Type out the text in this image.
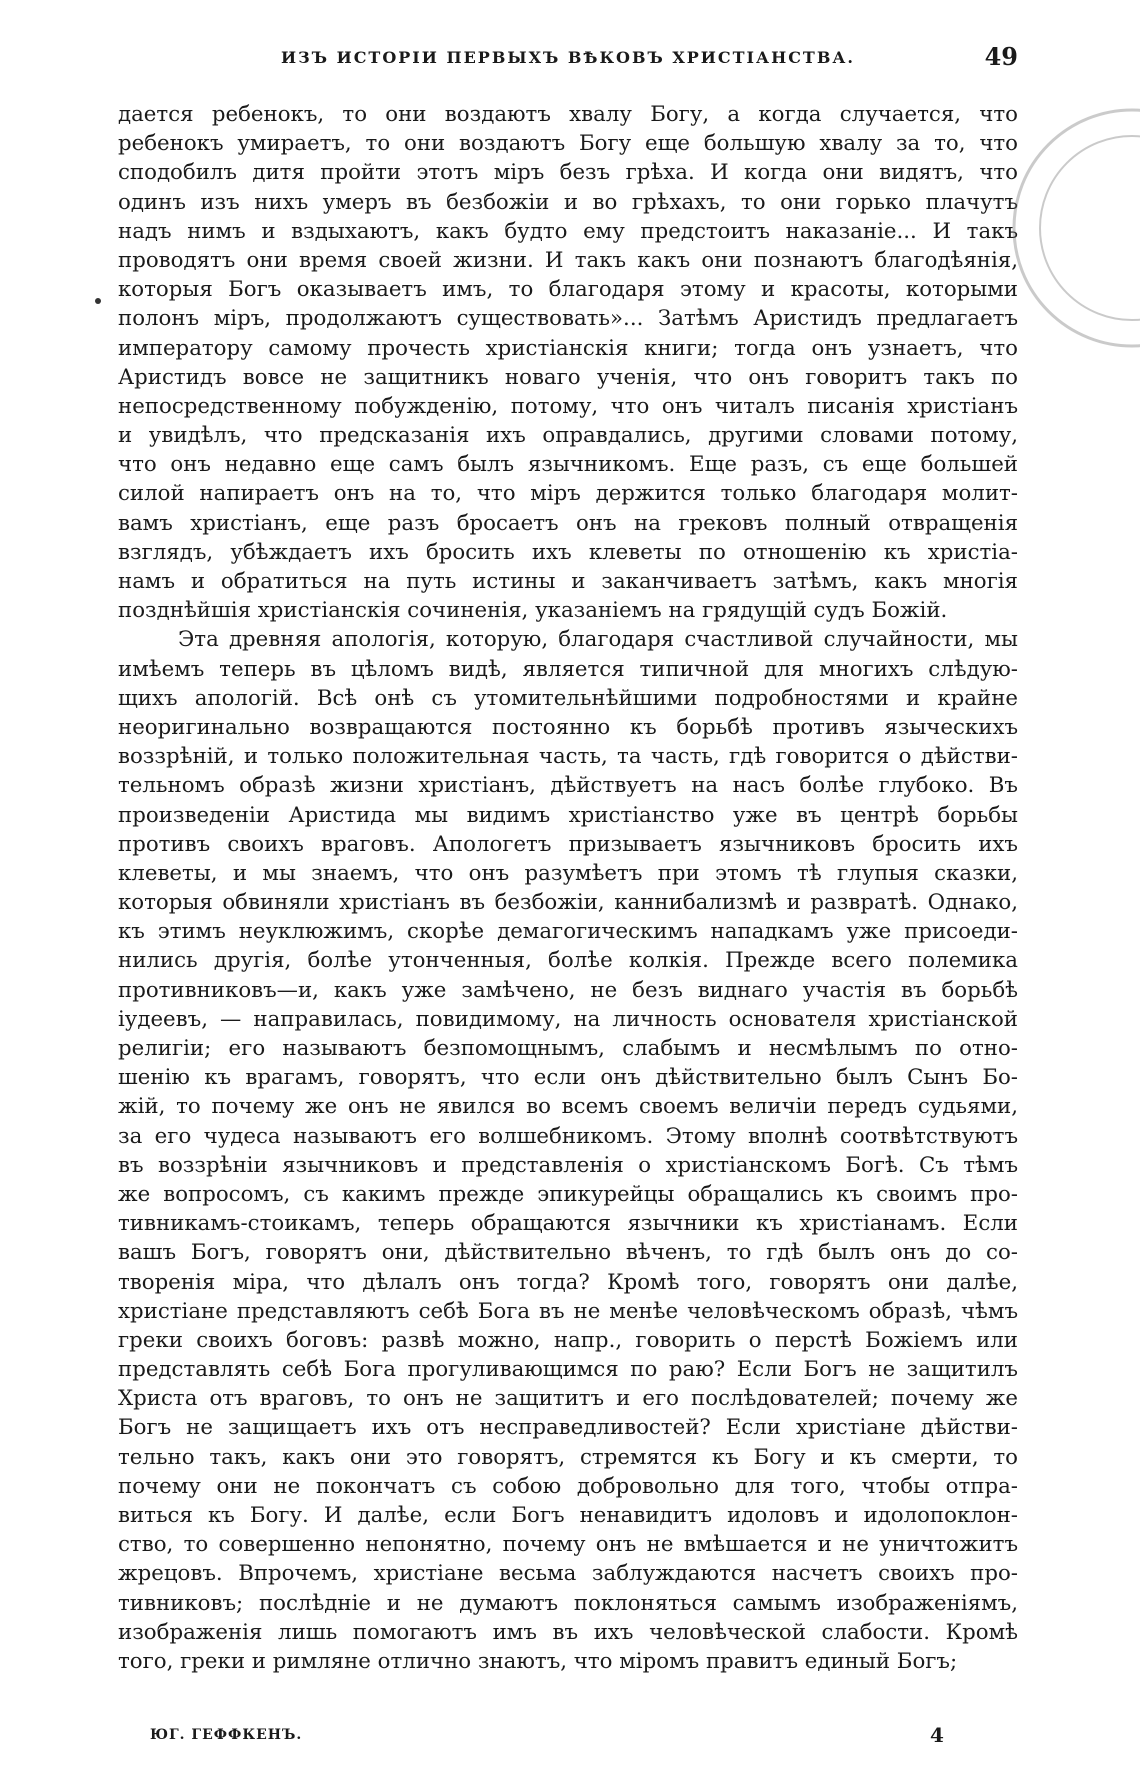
ИЗЪ ИСТОРІИ ПЕРВЫХЪ ВѢКОВЪ ХРИСТІАНСТВА.	49
дается ребенокъ, то они воздаютъ хвалу Богу, а когда случается, что
ребенокъ умираетъ, то они воздаютъ Богу еще большую хвалу за то, что
сподобилъ дитя пройти этотъ міръ безъ грѣха. И когда они видятъ, что
одинъ изъ нихъ умеръ въ безбожіи и во грѣхахъ, то они горько плачутъ
надъ нимъ и вздыхаютъ, какъ будто ему предстоитъ наказаніе... И такъ
проводятъ они время своей жизни. И такъ какъ они познаютъ благодѣянія,
которыя Богъ оказываетъ имъ, то благодаря этому и красоты, которыми
полонъ міръ, продолжаютъ существовать»... Затѣмъ Аристидъ предлагаетъ
императору самому прочесть христіанскія книги; тогда онъ узнаетъ, что
Аристидъ вовсе не защитникъ новаго ученія, что онъ говоритъ такъ по
непосредственному побужденію, потому, что онъ читалъ писанія христіанъ
и увидѣлъ, что предсказанія ихъ оправдались, другими словами потому,
что онъ недавно еще самъ былъ язычникомъ. Еще разъ, съ еще большей
силой напираетъ онъ на то, что міръ держится только благодаря молит-
вамъ христіанъ, еще разъ бросаетъ онъ на грековъ полный отвращенія
взглядъ, убѣждаетъ ихъ бросить ихъ клеветы по отношенію къ христіа-
намъ и обратиться на путь истины и заканчиваетъ затѣмъ, какъ многія
позднѣйшія христіанскія сочиненія, указаніемъ на грядущій судъ Божій.
Эта древняя апологія, которую, благодаря счастливой случайности, мы
имѣемъ теперь въ цѣломъ видѣ, является типичной для многихъ слѣдую-
щихъ апологій. Всѣ онѣ съ утомительнѣйшими подробностями и крайне
неоригинально возвращаются постоянно къ борьбѣ противъ языческихъ
воззрѣній, и только положительная часть, та часть, гдѣ говорится о дѣйстви-
тельномъ образѣ жизни христіанъ, дѣйствуетъ на насъ болѣе глубоко. Въ
произведеніи Аристида мы видимъ христіанство уже въ центрѣ борьбы
противъ своихъ враговъ. Апологетъ призываетъ язычниковъ бросить ихъ
клеветы, и мы знаемъ, что онъ разумѣетъ при этомъ тѣ глупыя сказки,
которыя обвиняли христіанъ въ безбожіи, каннибализмѣ и развратѣ. Однако,
къ этимъ неуклюжимъ, скорѣе демагогическимъ нападкамъ уже присоеди-
нились другія, болѣе утонченныя, болѣе колкія. Прежде всего полемика
противниковъ—и, какъ уже замѣчено, не безъ виднаго участія въ борьбѣ
іудеевъ, — направилась, повидимому, на личность основателя христіанской
религіи; его называютъ безпомощнымъ, слабымъ и несмѣлымъ по отно-
шенію къ врагамъ, говорятъ, что если онъ дѣйствительно былъ Сынъ Бо-
жій, то почему же онъ не явился во всемъ своемъ величіи передъ судьями,
за его чудеса называютъ его волшебникомъ. Этому вполнѣ соотвѣтствуютъ
въ воззрѣніи язычниковъ и представленія о христіанскомъ Богѣ. Съ тѣмъ
же вопросомъ, съ какимъ прежде эпикурейцы обращались къ своимъ про-
тивникамъ-стоикамъ, теперь обращаются язычники къ христіанамъ. Если
вашъ Богъ, говорятъ они, дѣйствительно вѣченъ, то гдѣ былъ онъ до со-
творенія міра, что дѣлалъ онъ тогда? Кромѣ того, говорятъ они далѣе,
христіане представляютъ себѣ Бога въ не менѣе человѣческомъ образѣ, чѣмъ
греки своихъ боговъ: развѣ можно, напр., говорить о перстѣ Божіемъ или
представлять себѣ Бога прогуливающимся по раю? Если Богъ не защитилъ
Христа отъ враговъ, то онъ не защититъ и его послѣдователей; почему же
Богъ не защищаетъ ихъ отъ несправедливостей? Если христіане дѣйстви-
тельно такъ, какъ они это говорятъ, стремятся къ Богу и къ смерти, то
почему они не покончатъ съ собою добровольно для того, чтобы отпра-
виться къ Богу. И далѣе, если Богъ ненавидитъ идоловъ и идолопоклон-
ство, то совершенно непонятно, почему онъ не вмѣшается и не уничтожитъ
жрецовъ. Впрочемъ, христіане весьма заблуждаются насчетъ своихъ про-
тивниковъ; послѣдніе и не думаютъ поклоняться самымъ изображеніямъ,
изображенія лишь помогаютъ имъ въ ихъ человѣческой слабости. Кромѣ
того, греки и римляне отлично знаютъ, что міромъ правитъ единый Богъ;
ЮГ. ГЕФФКЕНЪ.	4
